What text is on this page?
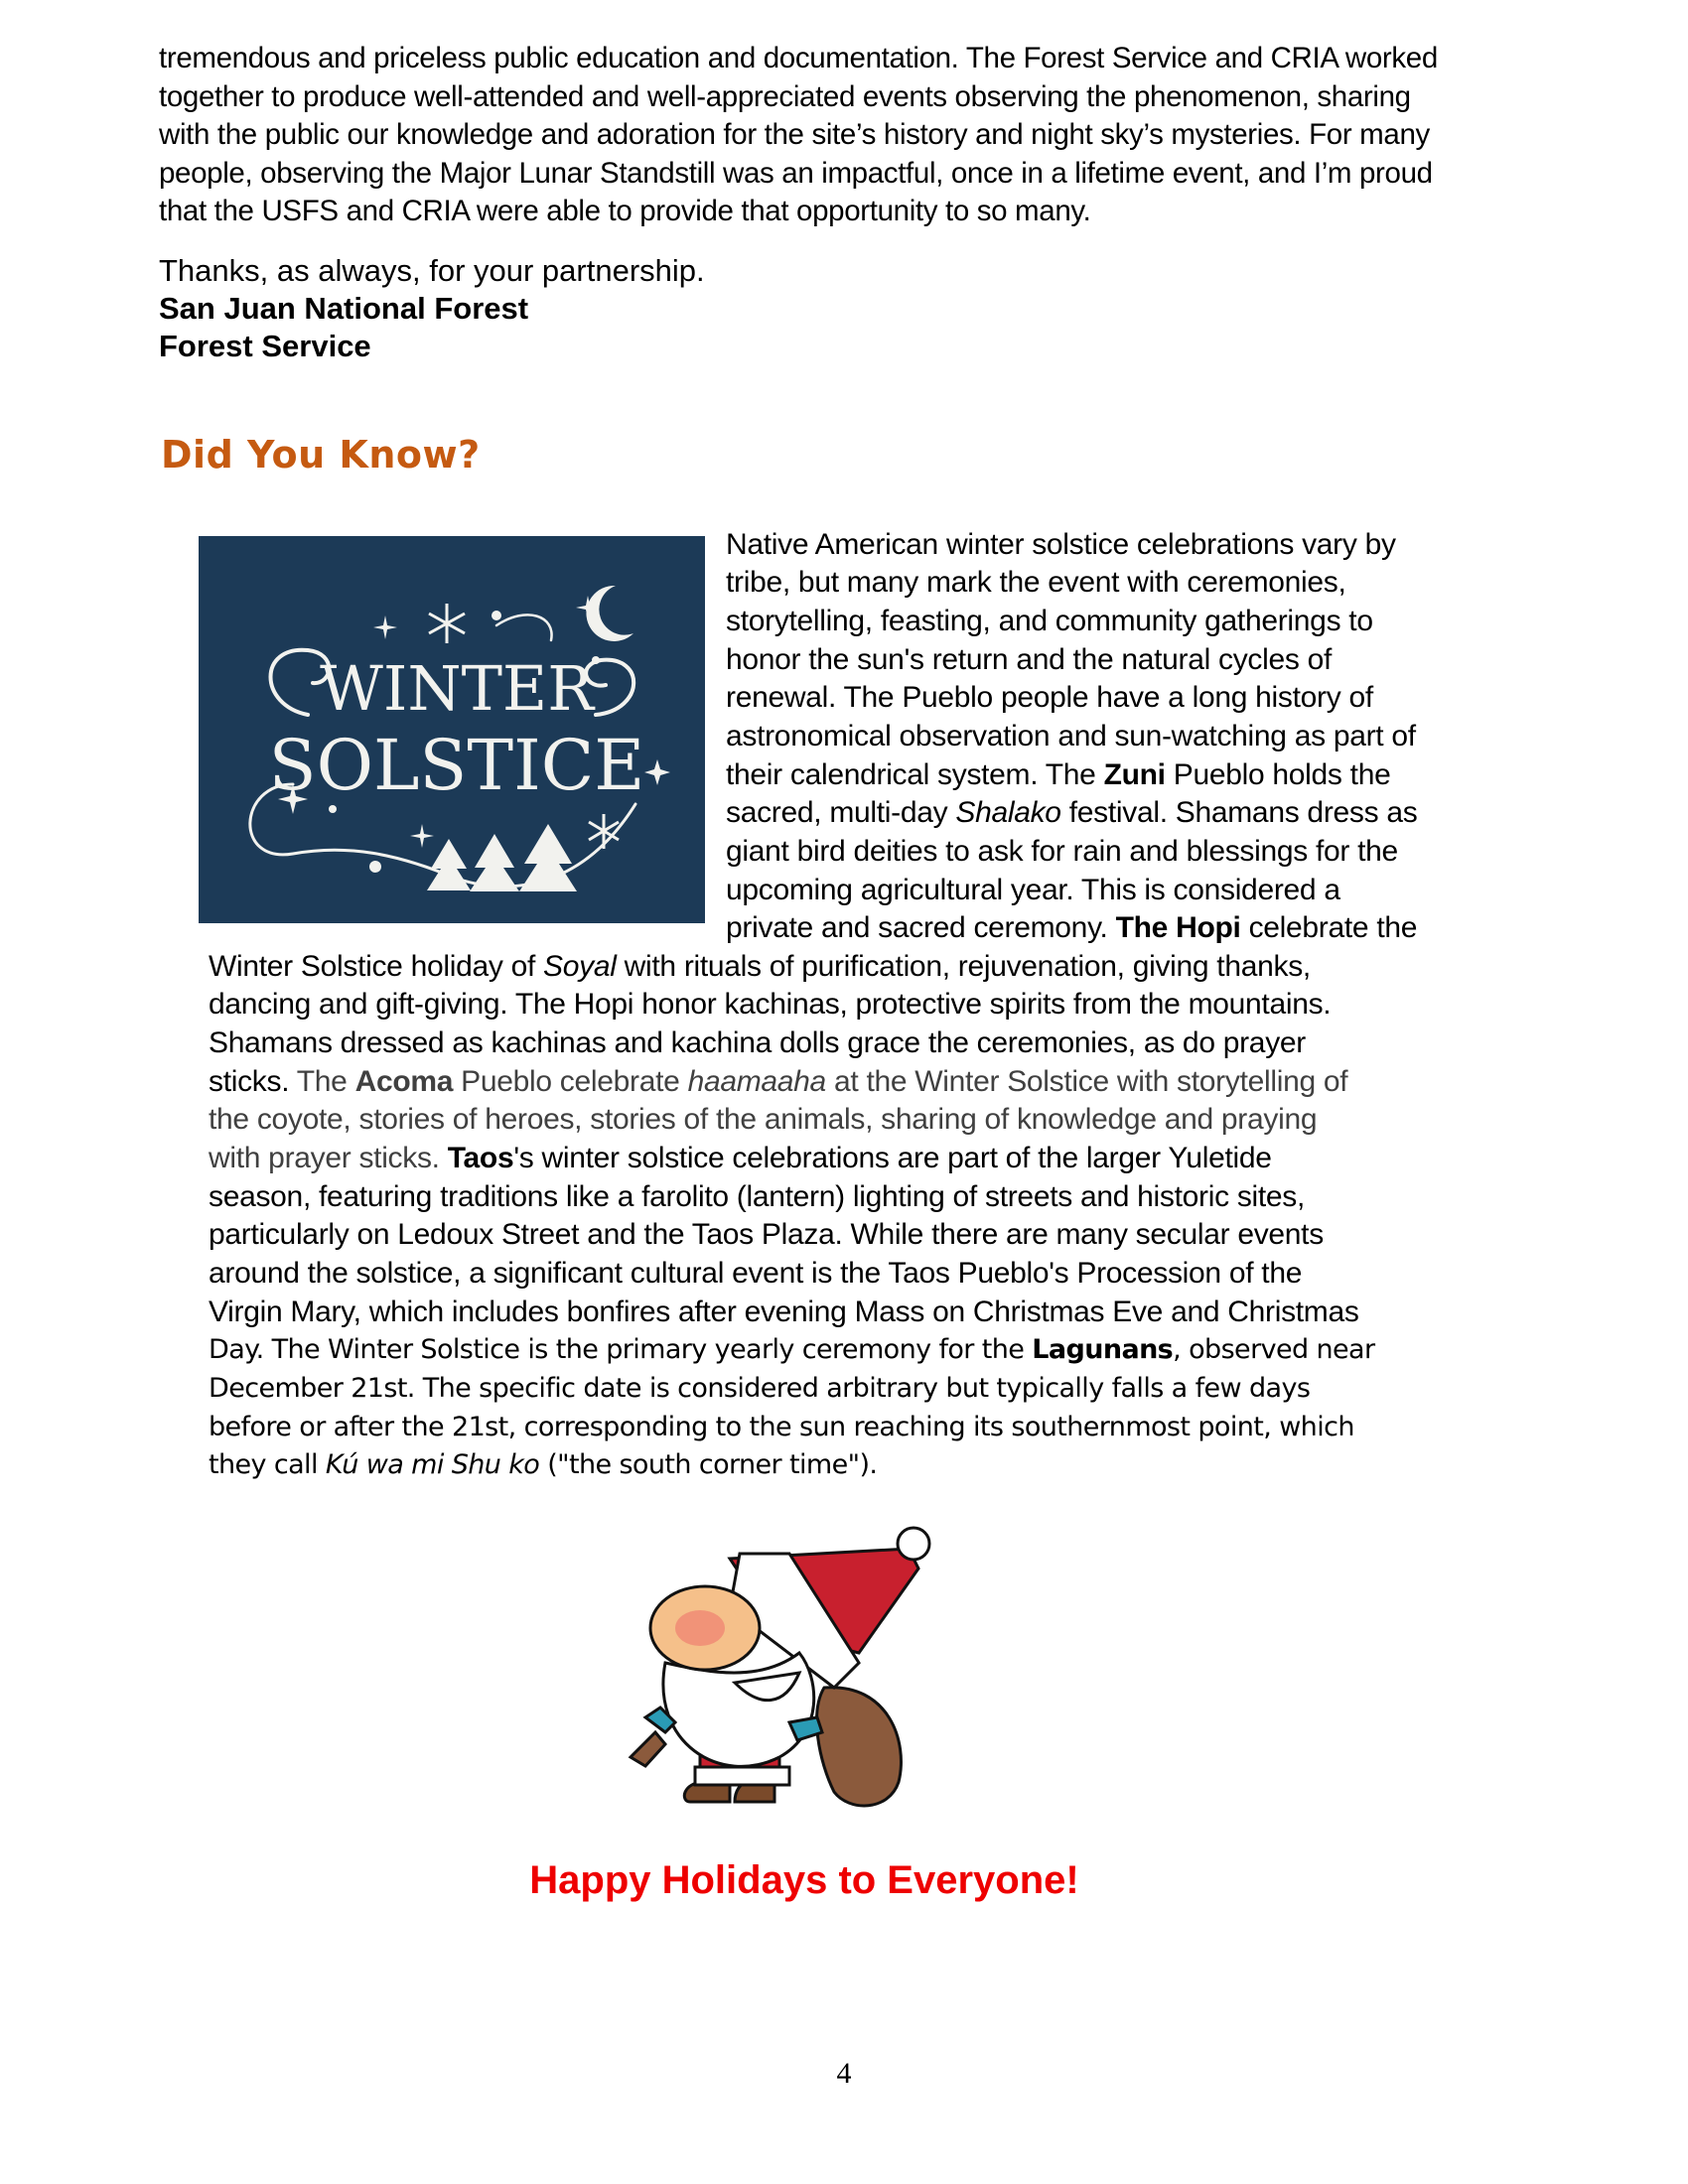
tremendous and priceless public education and documentation. The Forest Service and CRIA worked
together to produce well-attended and well-appreciated events observing the phenomenon, sharing
with the public our knowledge and adoration for the site’s history and night sky’s mysteries. For many
people, observing the Major Lunar Standstill was an impactful, once in a lifetime event, and I’m proud
that the USFS and CRIA were able to provide that opportunity to so many.
Thanks, as always, for your partnership.
San Juan National Forest
Forest Service
Did You Know?
WINTER
SOLSTICE
Native American winter solstice celebrations vary by
tribe, but many mark the event with ceremonies,
storytelling, feasting, and community gatherings to
honor the sun's return and the natural cycles of
renewal. The Pueblo people have a long history of
astronomical observation and sun-watching as part of
their calendrical system. The Zuni Pueblo holds the
sacred, multi-day Shalako festival. Shamans dress as
giant bird deities to ask for rain and blessings for the
upcoming agricultural year. This is considered a
private and sacred ceremony. The Hopi celebrate the
Winter Solstice holiday of Soyal with rituals of purification, rejuvenation, giving thanks,
dancing and gift-giving. The Hopi honor kachinas, protective spirits from the mountains.
Shamans dressed as kachinas and kachina dolls grace the ceremonies, as do prayer
sticks. The Acoma Pueblo celebrate haamaaha at the Winter Solstice with storytelling of
the coyote, stories of heroes, stories of the animals, sharing of knowledge and praying
with prayer sticks. Taos's winter solstice celebrations are part of the larger Yuletide
season, featuring traditions like a farolito (lantern) lighting of streets and historic sites,
particularly on Ledoux Street and the Taos Plaza. While there are many secular events
around the solstice, a significant cultural event is the Taos Pueblo's Procession of the
Virgin Mary, which includes bonfires after evening Mass on Christmas Eve and Christmas
Day. The Winter Solstice is the primary yearly ceremony for the Lagunans, observed near
December 21st. The specific date is considered arbitrary but typically falls a few days
before or after the 21st, corresponding to the sun reaching its southernmost point, which
they call Kú wa mi Shu ko ("the south corner time").
Happy Holidays to Everyone!
4
